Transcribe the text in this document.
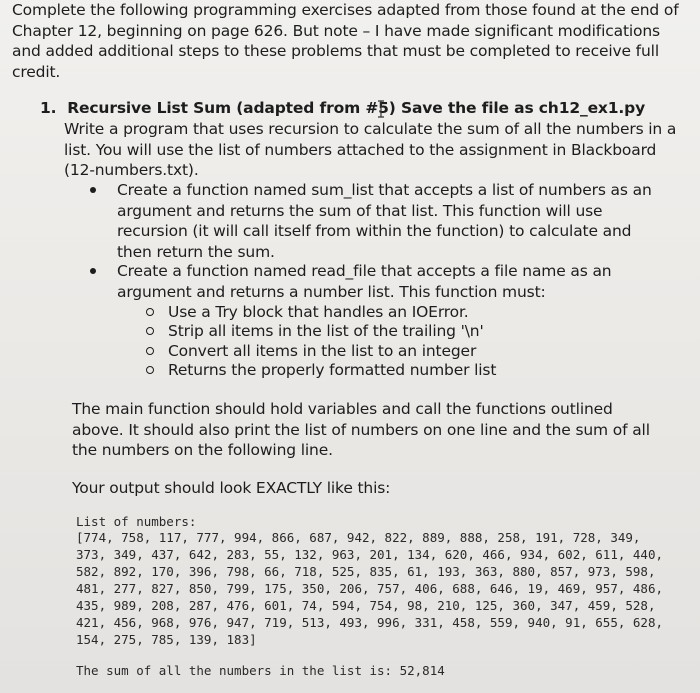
Complete the following programming exercises adapted from those found at the end of Chapter 12, beginning on page 626. But note – I have made significant modifications and added additional steps to these problems that must be completed to receive full credit.

1. Recursive List Sum (adapted from #5) Save the file as ch12_ex1.py

Write a program that uses recursion to calculate the sum of all the numbers in a list. You will use the list of numbers attached to the assignment in Blackboard (12-numbers.txt).

Create a function named sum_list that accepts a list of numbers as an argument and returns the sum of that list. This function will use recursion (it will call itself from within the function) to calculate and then return the sum.

Create a function named read_file that accepts a file name as an argument and returns a number list. This function must:

Use a Try block that handles an IOError.

Strip all items in the list of the trailing '\n'

Convert all items in the list to an integer

Returns the properly formatted number list

The main function should hold variables and call the functions outlined above. It should also print the list of numbers on one line and the sum of all the numbers on the following line.

Your output should look EXACTLY like this:

List of numbers:

[774, 758, 117, 777, 994, 866, 687, 942, 822, 889, 888, 258, 191, 728, 349, 373, 349, 437, 642, 283, 55, 132, 963, 201, 134, 620, 466, 934, 602, 611, 440, 582, 892, 170, 396, 798, 66, 718, 525, 835, 61, 193, 363, 880, 857, 973, 598, 481, 277, 827, 850, 799, 175, 350, 206, 757, 406, 688, 646, 19, 469, 957, 486, 435, 989, 208, 287, 476, 601, 74, 594, 754, 98, 210, 125, 360, 347, 459, 528, 421, 456, 968, 976, 947, 719, 513, 493, 996, 331, 458, 559, 940, 91, 655, 628, 154, 275, 785, 139, 183]

The sum of all the numbers in the list is: 52,814
